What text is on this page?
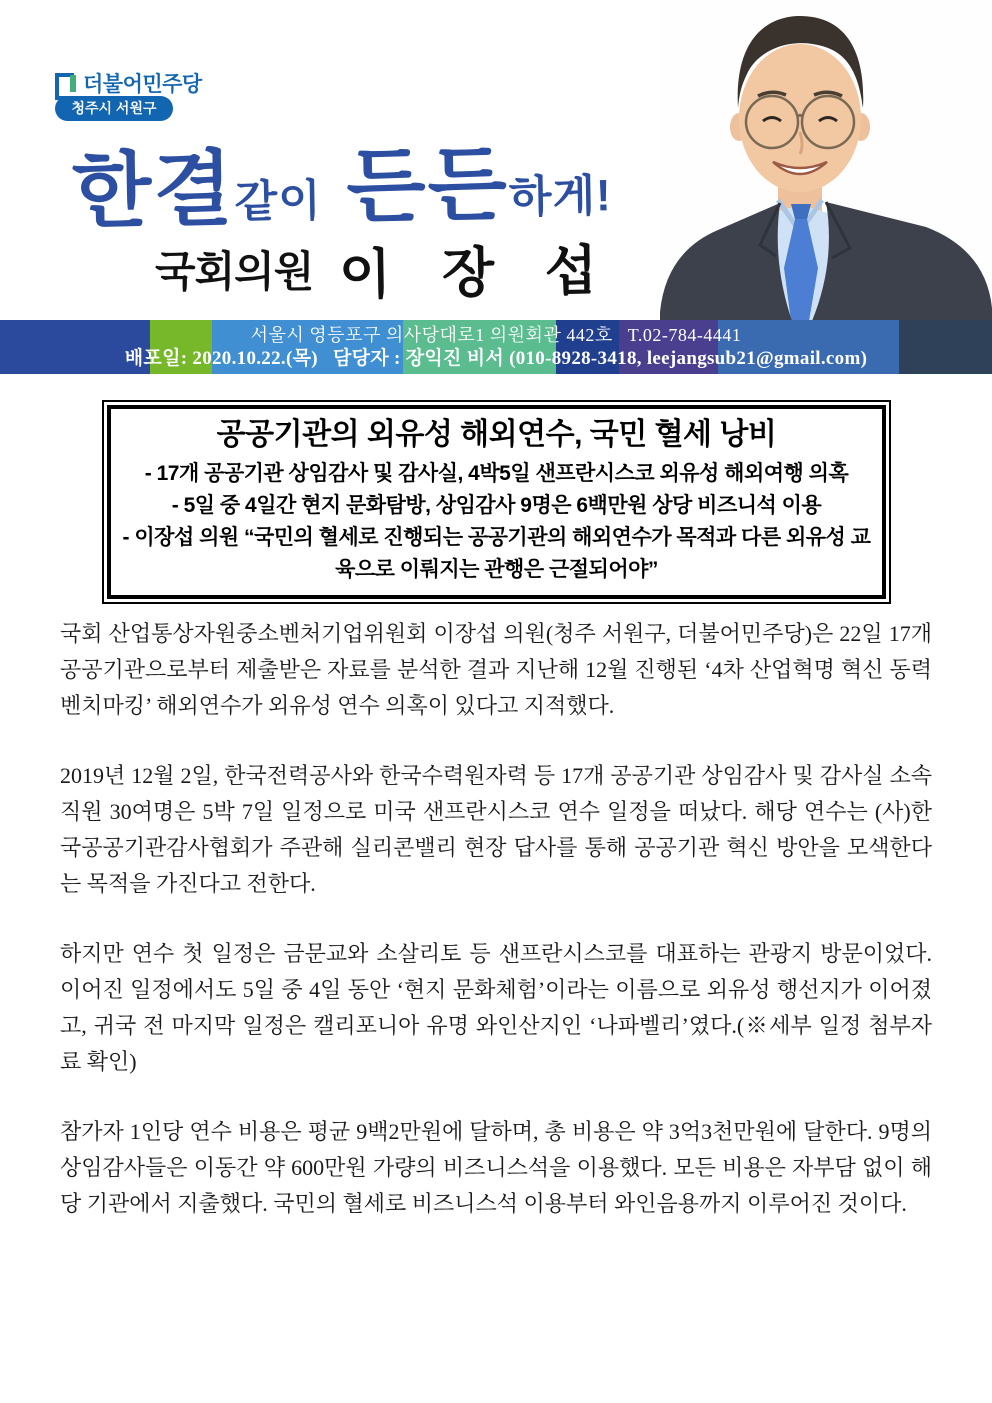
더불어민주당
청주시 서원구
한결 같이
든든 하게!
국회의원 이 장 섭
서울시 영등포구 의사당대로1 의원회관 442호   T.02-784-4441
배포일: 2020.10.22.(목)   담당자 : 장익진 비서 (010-8928-3418, leejangsub21@gmail.com)
공공기관의 외유성 해외연수, 국민 혈세 낭비

- 17개 공공기관 상임감사 및 감사실, 4박5일 샌프란시스코 외유성 해외여행 의혹

- 5일 중 4일간 현지 문화탐방, 상임감사 9명은 6백만원 상당 비즈니석 이용

- 이장섭 의원 “국민의 혈세로 진행되는 공공기관의 해외연수가 목적과 다른 외유성 교육으로 이뤄지는 관행은 근절되어야”

국회 산업통상자원중소벤처기업위원회 이장섭 의원(청주 서원구, 더불어민주당)은 22일 17개 공공기관으로부터 제출받은 자료를 분석한 결과 지난해 12월 진행된 ‘4차 산업혁명 혁신 동력 벤치마킹’ 해외연수가 외유성 연수 의혹이 있다고 지적했다.

2019년 12월 2일, 한국전력공사와 한국수력원자력 등 17개 공공기관 상임감사 및 감사실 소속 직원 30여명은 5박 7일 일정으로 미국 샌프란시스코 연수 일정을 떠났다. 해당 연수는 (사)한국공공기관감사협회가 주관해 실리콘밸리 현장 답사를 통해 공공기관 혁신 방안을 모색한다는 목적을 가진다고 전한다.

하지만 연수 첫 일정은 금문교와 소살리토 등 샌프란시스코를 대표하는 관광지 방문이었다. 이어진 일정에서도 5일 중 4일 동안 ‘현지 문화체험’이라는 이름으로 외유성 행선지가 이어졌고, 귀국 전 마지막 일정은 캘리포니아 유명 와인산지인 ‘나파벨리’였다.(※세부 일정 첨부자료 확인)

참가자 1인당 연수 비용은 평균 9백2만원에 달하며, 총 비용은 약 3억3천만원에 달한다. 9명의 상임감사들은 이동간 약 600만원 가량의 비즈니스석을 이용했다. 모든 비용은 자부담 없이 해당 기관에서 지출했다. 국민의 혈세로 비즈니스석 이용부터 와인음용까지 이루어진 것이다.
